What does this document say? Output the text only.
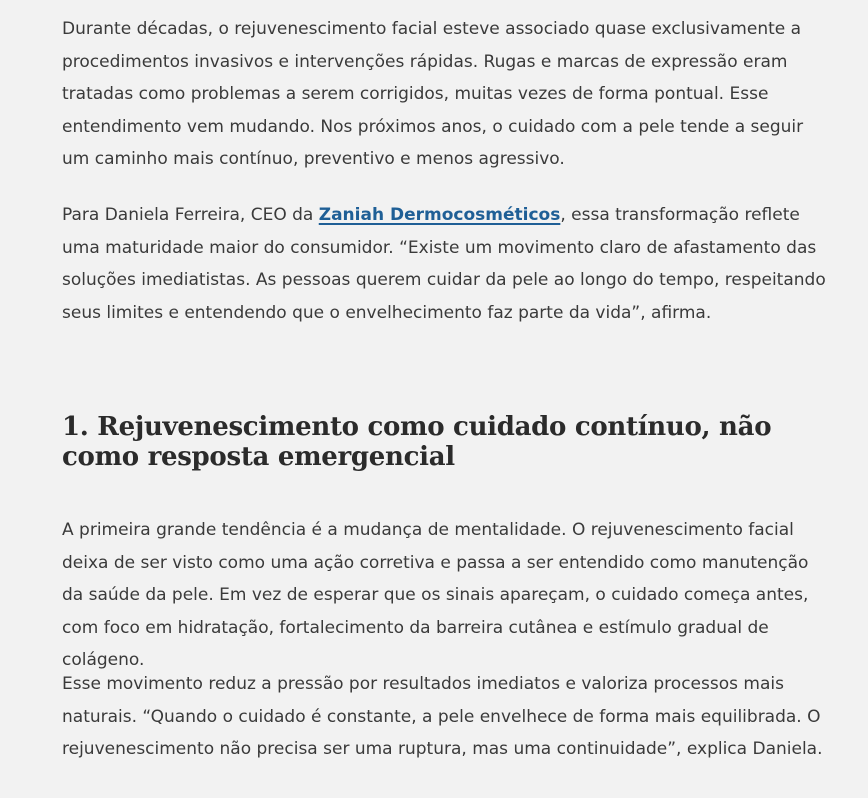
Durante décadas, o rejuvenescimento facial esteve associado quase exclusivamente a procedimentos invasivos e intervenções rápidas. Rugas e marcas de expressão eram tratadas como problemas a serem corrigidos, muitas vezes de forma pontual. Esse entendimento vem mudando. Nos próximos anos, o cuidado com a pele tende a seguir um caminho mais contínuo, preventivo e menos agressivo.

Para Daniela Ferreira, CEO da Zaniah Dermocosméticos, essa transformação reflete uma maturidade maior do consumidor. “Existe um movimento claro de afastamento das soluções imediatistas. As pessoas querem cuidar da pele ao longo do tempo, respeitando seus limites e entendendo que o envelhecimento faz parte da vida”, afirma.

1. Rejuvenescimento como cuidado contínuo, não como resposta emergencial

A primeira grande tendência é a mudança de mentalidade. O rejuvenescimento facial deixa de ser visto como uma ação corretiva e passa a ser entendido como manutenção da saúde da pele. Em vez de esperar que os sinais apareçam, o cuidado começa antes, com foco em hidratação, fortalecimento da barreira cutânea e estímulo gradual de colágeno.

Esse movimento reduz a pressão por resultados imediatos e valoriza processos mais naturais. “Quando o cuidado é constante, a pele envelhece de forma mais equilibrada. O rejuvenescimento não precisa ser uma ruptura, mas uma continuidade”, explica Daniela.
